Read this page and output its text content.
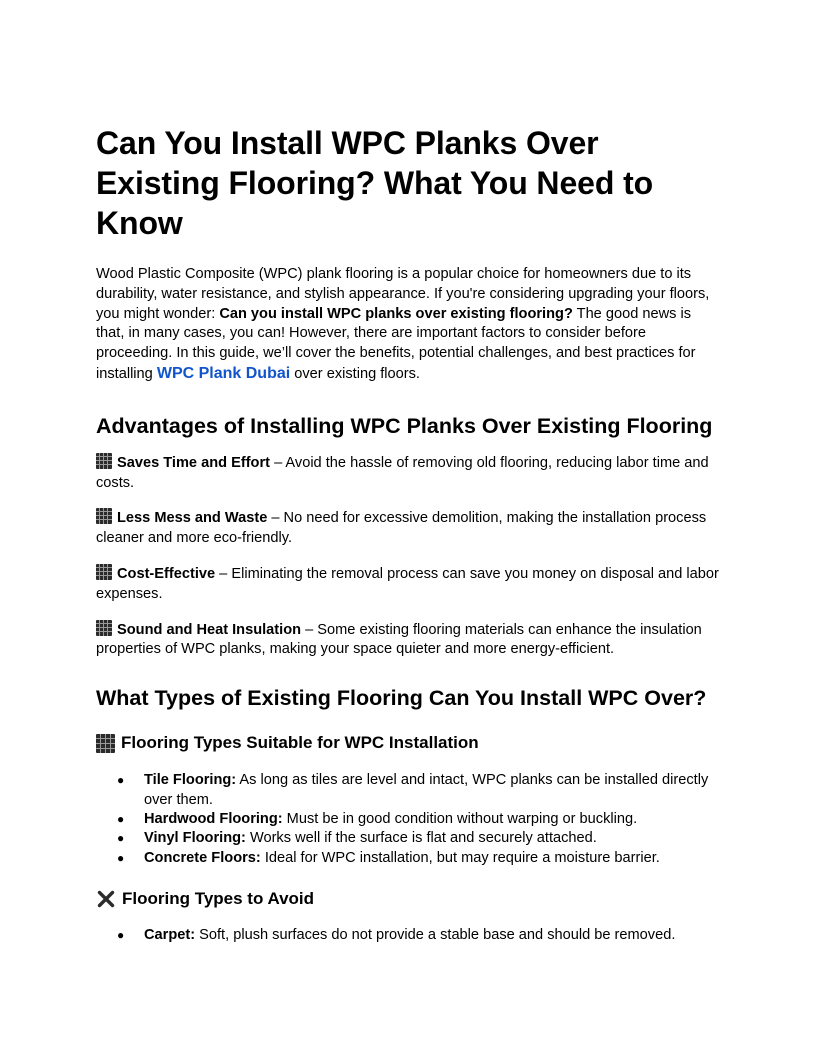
Can You Install WPC Planks Over Existing Flooring? What You Need to Know

Wood Plastic Composite (WPC) plank flooring is a popular choice for homeowners due to its durability, water resistance, and stylish appearance. If you're considering upgrading your floors, you might wonder: Can you install WPC planks over existing flooring? The good news is that, in many cases, you can! However, there are important factors to consider before proceeding. In this guide, we’ll cover the benefits, potential challenges, and best practices for installing WPC Plank Dubai over existing floors.

Advantages of Installing WPC Planks Over Existing Flooring

Saves Time and Effort – Avoid the hassle of removing old flooring, reducing labor time and costs.

Less Mess and Waste – No need for excessive demolition, making the installation process cleaner and more eco-friendly.

Cost-Effective – Eliminating the removal process can save you money on disposal and labor expenses.

Sound and Heat Insulation – Some existing flooring materials can enhance the insulation properties of WPC planks, making your space quieter and more energy-efficient.

What Types of Existing Flooring Can You Install WPC Over?
Flooring Types Suitable for WPC Installation
● Tile Flooring: As long as tiles are level and intact, WPC planks can be installed directly over them.
● Hardwood Flooring: Must be in good condition without warping or buckling.
● Vinyl Flooring: Works well if the surface is flat and securely attached.
● Concrete Floors: Ideal for WPC installation, but may require a moisture barrier.
Flooring Types to Avoid
● Carpet: Soft, plush surfaces do not provide a stable base and should be removed.
